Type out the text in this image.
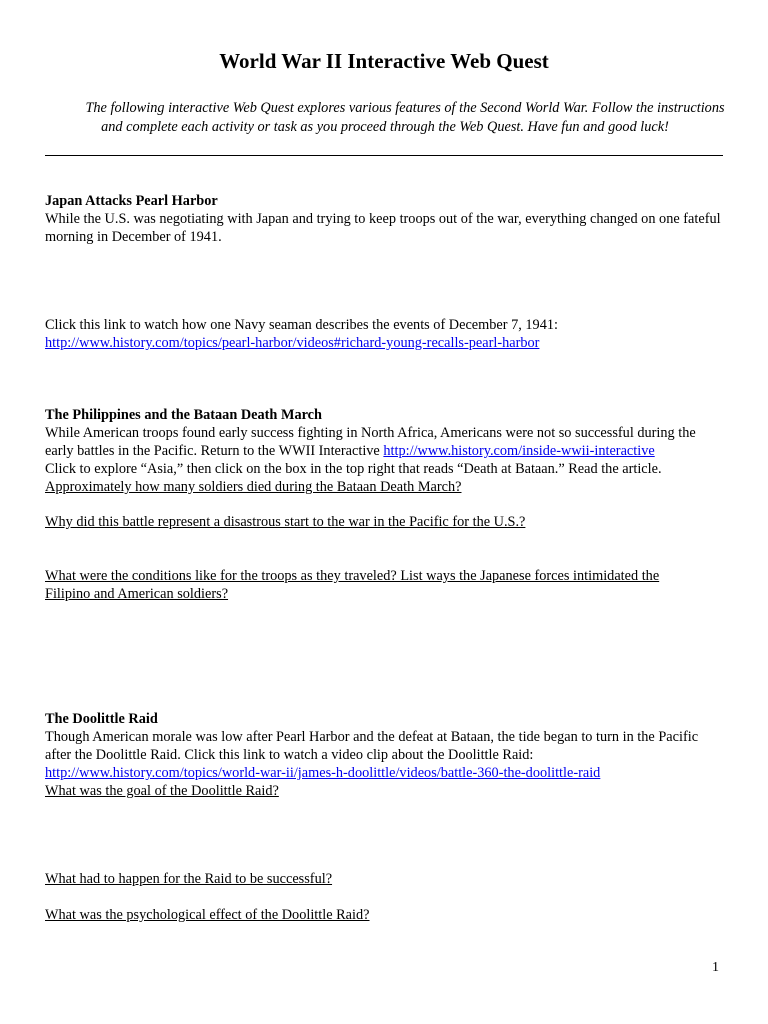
World War II Interactive Web Quest
The following interactive Web Quest explores various features of the Second World War. Follow the instructions and complete each activity or task as you proceed through the Web Quest. Have fun and good luck!
Japan Attacks Pearl Harbor
While the U.S. was negotiating with Japan and trying to keep troops out of the war, everything changed on one fateful morning in December of 1941.
Click this link to watch how one Navy seaman describes the events of December 7, 1941:
http://www.history.com/topics/pearl-harbor/videos#richard-young-recalls-pearl-harbor
The Philippines and the Bataan Death March
While American troops found early success fighting in North Africa, Americans were not so successful during the early battles in the Pacific. Return to the WWII Interactive http://www.history.com/inside-wwii-interactive
Click to explore “Asia,” then click on the box in the top right that reads “Death at Bataan.” Read the article.
Approximately how many soldiers died during the Bataan Death March?
Why did this battle represent a disastrous start to the war in the Pacific for the U.S.?
What were the conditions like for the troops as they traveled? List ways the Japanese forces intimidated the Filipino and American soldiers?
The Doolittle Raid
Though American morale was low after Pearl Harbor and the defeat at Bataan, the tide began to turn in the Pacific after the Doolittle Raid. Click this link to watch a video clip about the Doolittle Raid:
http://www.history.com/topics/world-war-ii/james-h-doolittle/videos/battle-360-the-doolittle-raid
What was the goal of the Doolittle Raid?
What had to happen for the Raid to be successful?
What was the psychological effect of the Doolittle Raid?
1
